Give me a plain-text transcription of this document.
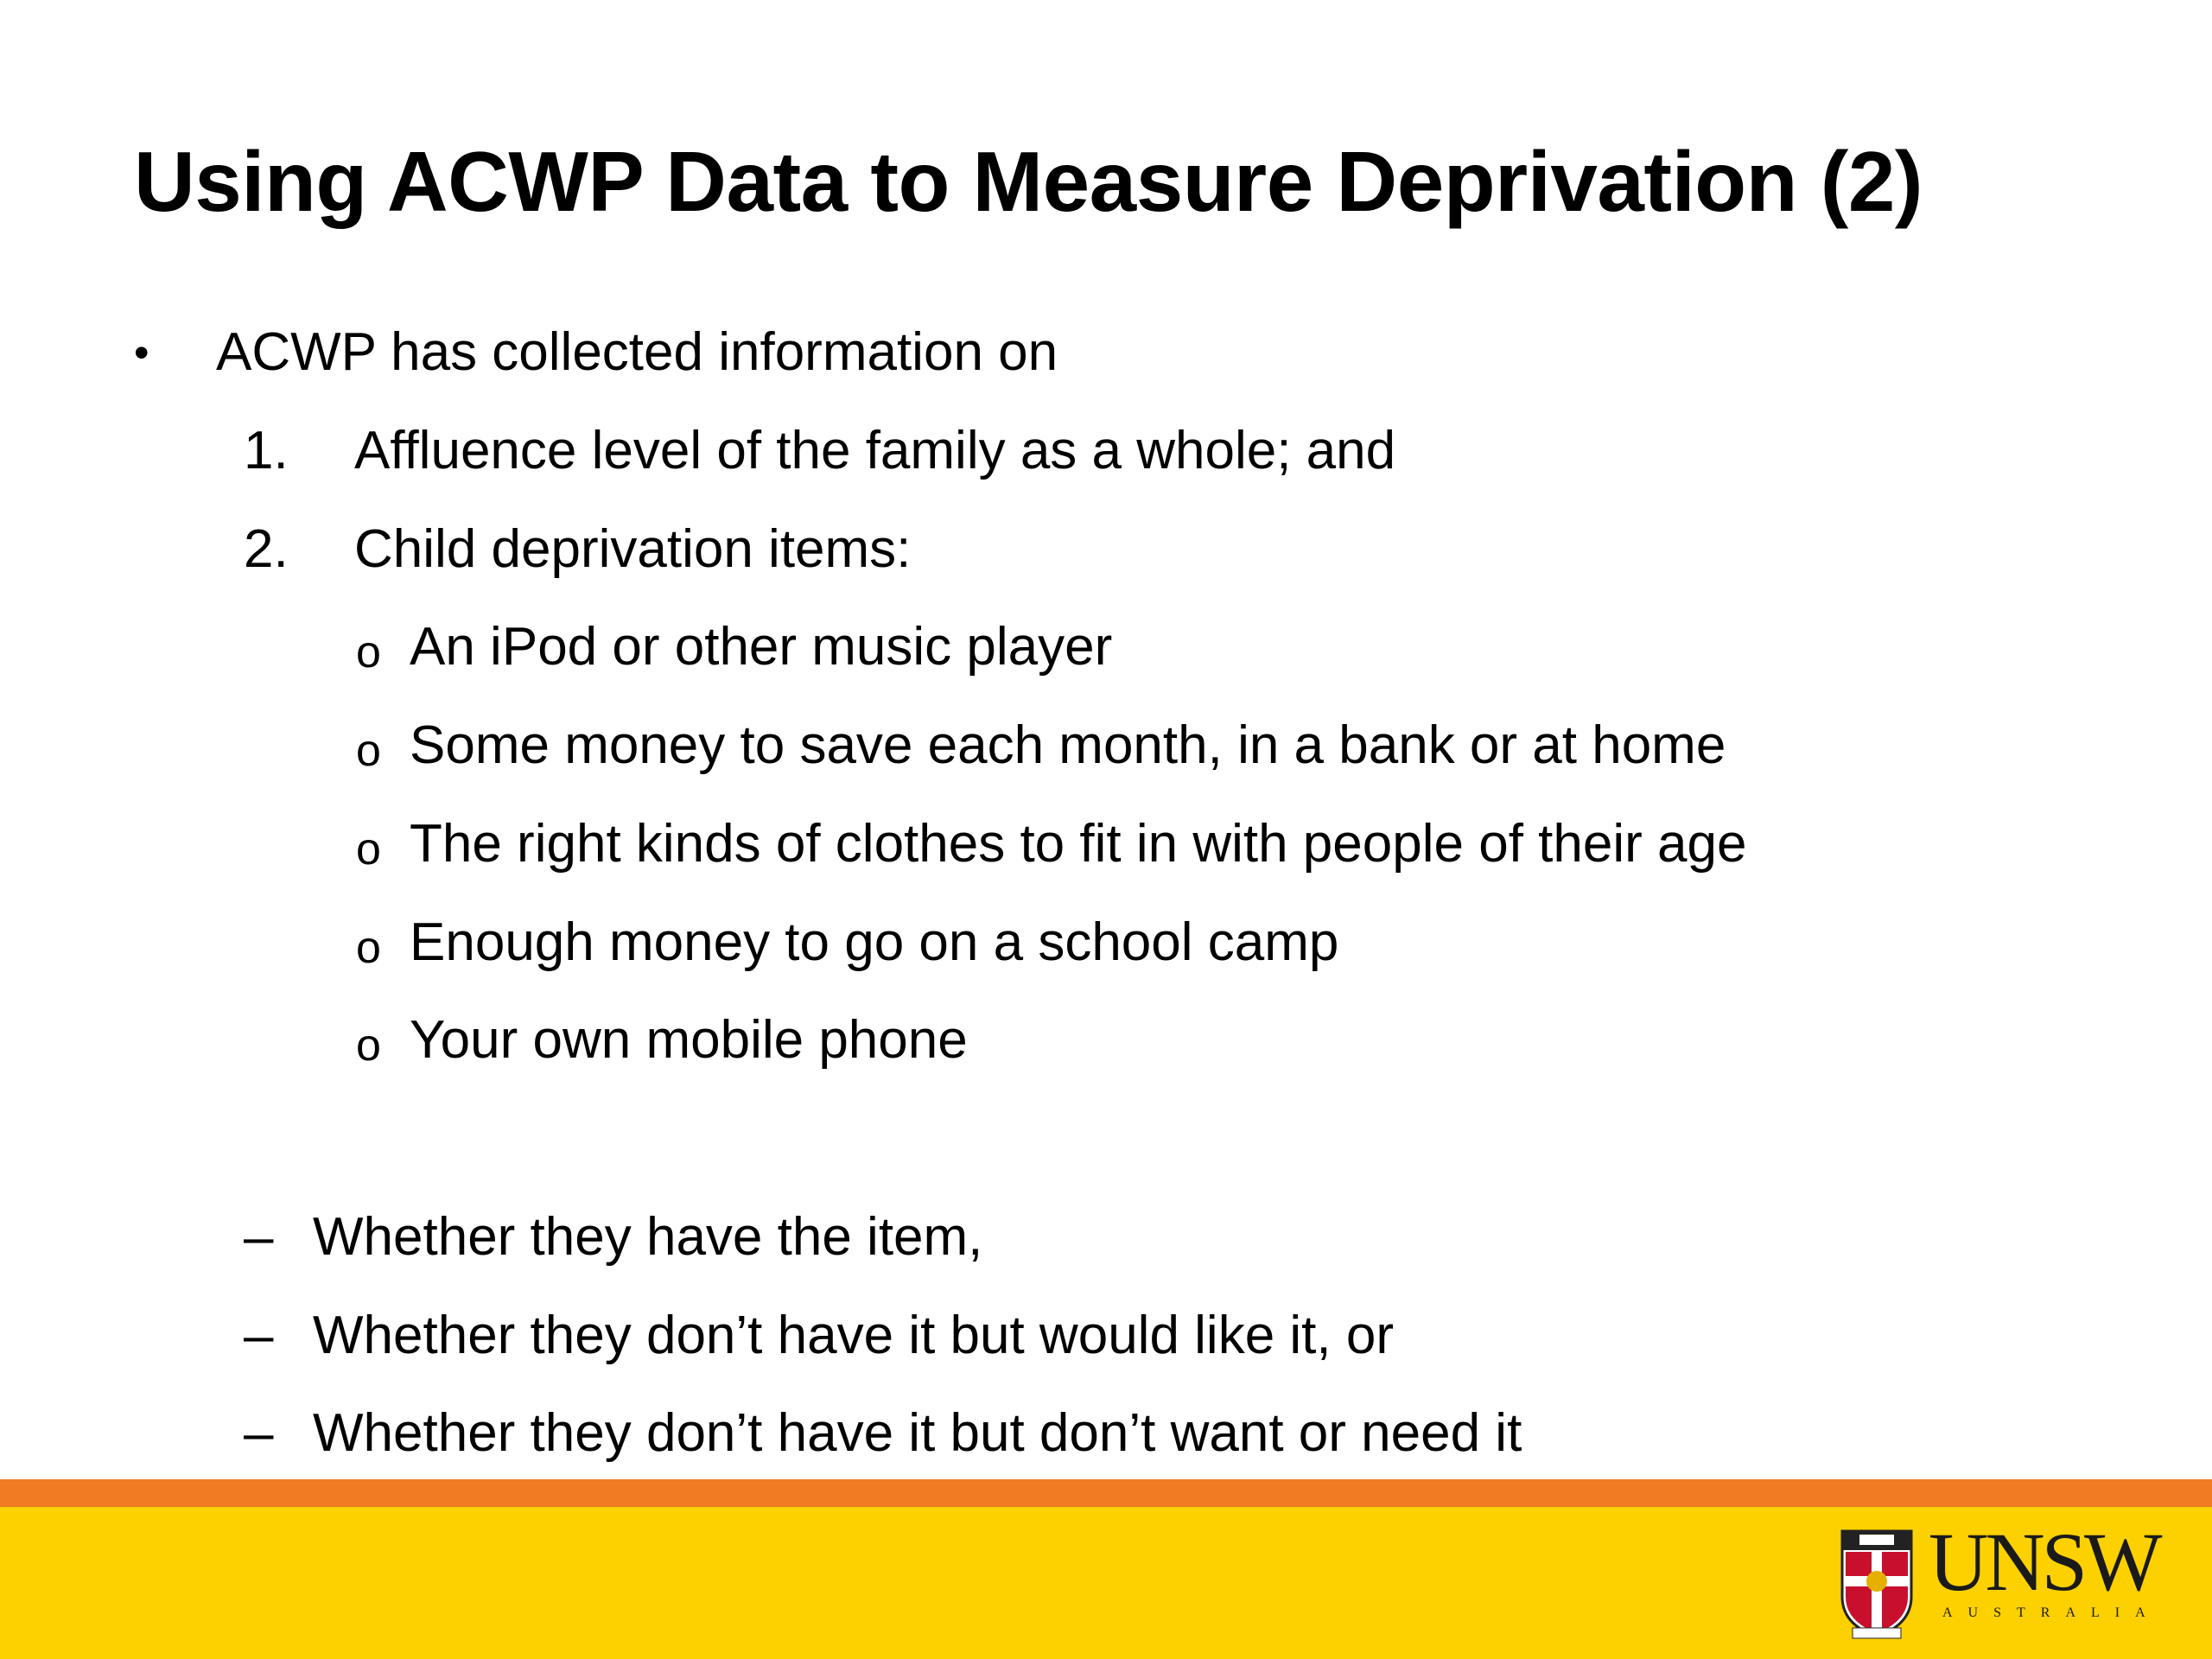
Using ACWP Data to Measure Deprivation (2)
• ACWP has collected information on
1. Affluence level of the family as a whole; and
2. Child deprivation items:
o An iPod or other music player
o Some money to save each month, in a bank or at home
o The right kinds of clothes to fit in with people of their age
o Enough money to go on a school camp
o Your own mobile phone
– Whether they have the item,
– Whether they don’t have it but would like it, or
– Whether they don’t have it but don’t want or need it
UNSW
AUSTRALIA
